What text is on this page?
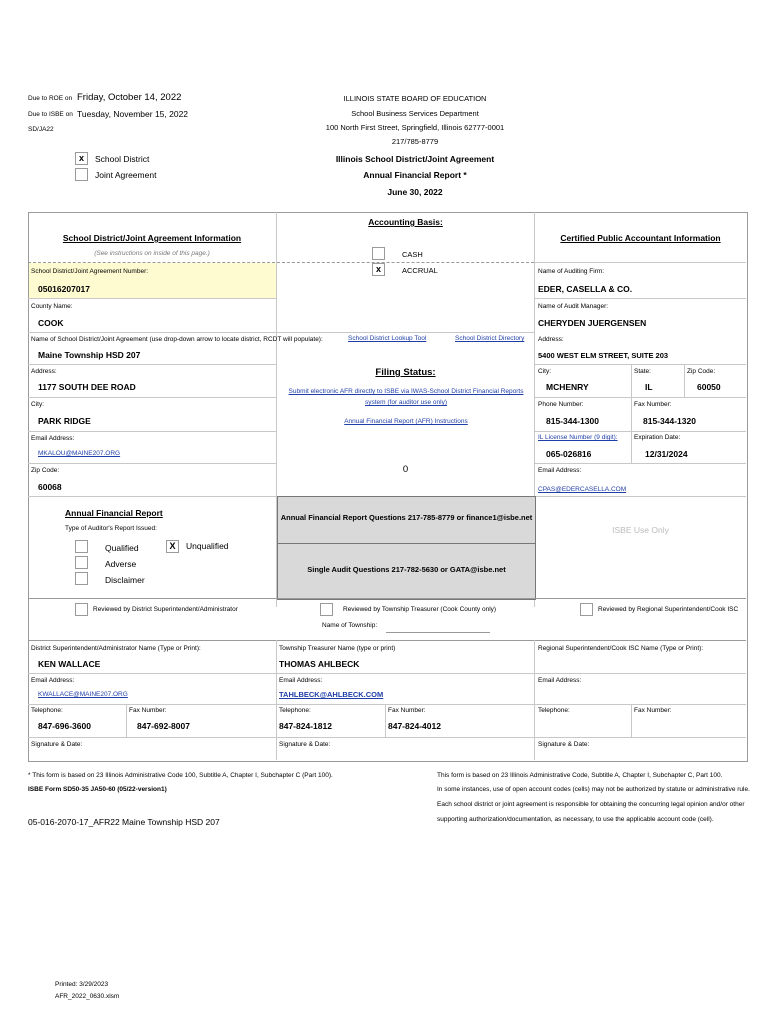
Due to ROE on Friday, October 14, 2022
Due to ISBE on Tuesday, November 15, 2022
SD/JA22
ILLINOIS STATE BOARD OF EDUCATION
School Business Services Department
100 North First Street, Springfield, Illinois 62777-0001
217/785-8779
Illinois School District/Joint Agreement
Annual Financial Report *
June 30, 2022
x	School District
Joint Agreement
Accounting Basis:
CASH
x	ACCRUAL
School District/Joint Agreement Information
(See instructions on inside of this page.)
School District/Joint Agreement Number:
05016207017
County Name:
COOK
Name of School District/Joint Agreement (use drop-down arrow to locate district, RCDT will populate):	School District Lookup Tool	School District Directory
Maine Township HSD 207
Address:
1177 SOUTH DEE ROAD
City:
PARK RIDGE
Email Address:
MKALOU@MAINE207.ORG
Zip Code:
60068
Filing Status:
Submit electronic AFR directly to ISBE via IWAS-School District Financial Reports system (for auditor use only)
Annual Financial Report (AFR) Instructions
0
Certified Public Accountant Information
Name of Auditing Firm:
EDER, CASELLA & CO.
Name of Audit Manager:
CHERYDEN JUERGENSEN
Address:
5400 WEST ELM STREET, SUITE 203
City:	State:	Zip Code:
MCHENRY	IL	60050
Phone Number:	Fax Number:
815-344-1300	815-344-1320
IL License Number (9 digit):	Expiration Date:
065-026816	12/31/2024
Email Address:
CPAS@EDERCASELLA.COM
Annual Financial Report
Type of Auditor's Report Issued:
Qualified	X	Unqualified
Adverse
Disclaimer
Annual Financial Report Questions 217-785-8779 or finance1@isbe.net
Single Audit Questions 217-782-5630 or GATA@isbe.net
ISBE Use Only
Reviewed by District Superintendent/Administrator	Reviewed by Township Treasurer (Cook County only)
Name of Township:
Reviewed by Regional Superintendent/Cook ISC
District Superintendent/Administrator Name (Type or Print):
KEN WALLACE
Email Address:
KWALLACE@MAINE207.ORG
Telephone:	Fax Number:
847-696-3600	847-692-8007
Signature & Date:
Township Treasurer Name (type or print)
THOMAS AHLBECK
Email Address:
TAHLBECK@AHLBECK.COM
Telephone:	Fax Number:
847-824-1812	847-824-4012
Signature & Date:
Regional Superintendent/Cook ISC Name (Type or Print):
Email Address:
Telephone:	Fax Number:
Signature & Date:
* This form is based on 23 Illinois Administrative Code 100, Subtitle A, Chapter I, Subchapter C (Part 100).
ISBE Form SD50-35 JA50-60 (05/22-version1)
05-016-2070-17_AFR22 Maine Township HSD 207
This form is based on 23 Illinois Administrative Code, Subtitle A, Chapter I, Subchapter C, Part 100.
In some instances, use of open account codes (cells) may not be authorized by statute or administrative rule.
Each school district or joint agreement is responsible for obtaining the concurring legal opinion and/or other
supporting authorization/documentation, as necessary, to use the applicable account code (cell).
Printed: 3/29/2023
AFR_2022_0630.xlsm
